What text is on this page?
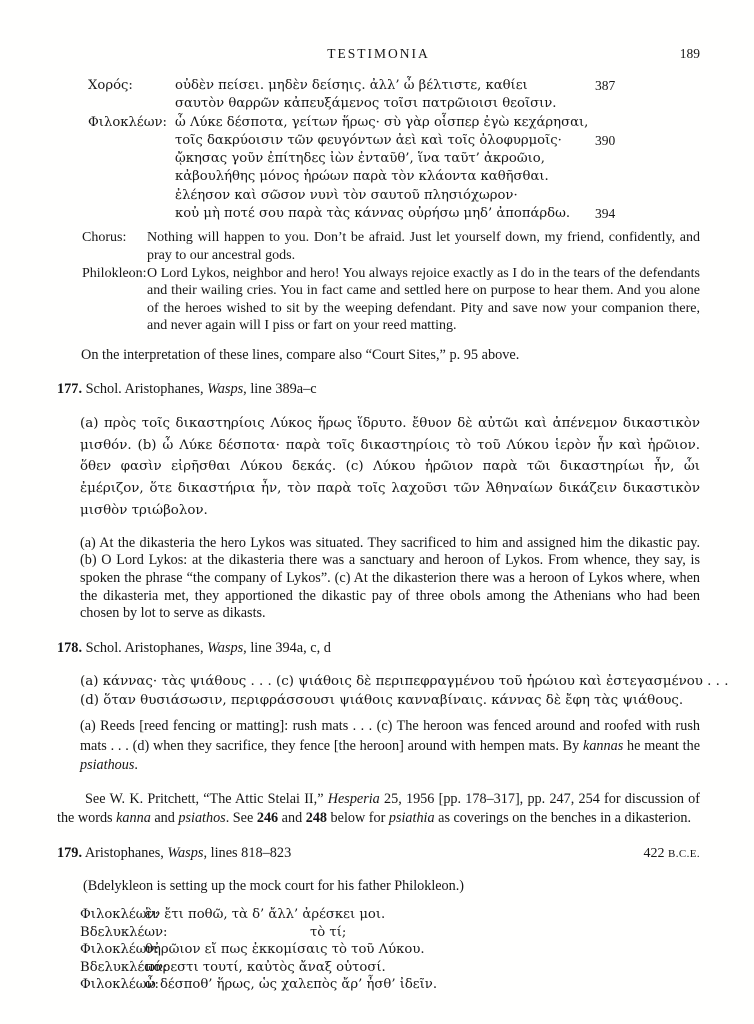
TESTIMONIA	189
Χορός:	οὐδὲν πείσει. μηδὲν δείσηις. ἀλλ’ ὦ βέλτιστε, καθίει	387
σαυτὸν θαρρῶν κἀπευξάμενος τοῖσι πατρῶιοισι θεοῖσιν.
Φιλοκλέων: ὦ Λύκε δέσποτα, γείτων ἥρως· σὺ γὰρ οἷσπερ ἐγὼ κεχάρησαι,
τοῖς δακρύοισιν τῶν φευγόντων ἀεὶ καὶ τοῖς ὀλοφυρμοῖς·	390
ᾤκησας γοῦν ἐπίτηδες ἰὼν ἐνταῦθ’, ἵνα ταῦτ’ ἀκροῶιο,
κἀβουλήθης μόνος ἡρώων παρὰ τὸν κλάοντα καθῆσθαι.
ἐλέησον καὶ σῶσον νυνὶ τὸν σαυτοῦ πλησιόχωρον·
κοὐ μὴ ποτέ σου παρὰ τὰς κάννας οὐρήσω μηδ’ ἀποπάρδω.	394
Chorus:	Nothing will happen to you. Don’t be afraid. Just let yourself down, my friend, confidently, and pray to our ancestral gods.
Philokleon: O Lord Lykos, neighbor and hero! You always rejoice exactly as I do in the tears of the defendants and their wailing cries. You in fact came and settled here on purpose to hear them. And you alone of the heroes wished to sit by the weeping defendant. Pity and save now your companion there, and never again will I piss or fart on your reed matting.

On the interpretation of these lines, compare also “Court Sites,” p. 95 above.

177. Schol. Aristophanes, Wasps, line 389a–c

(a) πρὸς τοῖς δικαστηρίοις Λύκος ἥρως ἵδρυτο. ἔθυον δὲ αὐτῶι καὶ ἀπένεμον δικαστικὸν μισθόν. (b) ὦ Λύκε δέσποτα· παρὰ τοῖς δικαστηρίοις τὸ τοῦ Λύκου ἱερὸν ἦν καὶ ἡρῶιον. ὅθεν φασὶν εἰρῆσθαι Λύκου δεκάς. (c) Λύκου ἡρῶιον παρὰ τῶι δικαστηρίωι ἦν, ὧι ἐμέριζον, ὅτε δικαστήρια ἦν, τὸν παρὰ τοῖς λαχοῦσι τῶν Ἀθηναίων δικάζειν δικαστικὸν μισθὸν τριώβολον.

(a) At the dikasteria the hero Lykos was situated. They sacrificed to him and assigned him the dikastic pay. (b) O Lord Lykos: at the dikasteria there was a sanctuary and heroon of Lykos. From whence, they say, is spoken the phrase “the company of Lykos”. (c) At the dikasterion there was a heroon of Lykos where, when the dikasteria met, they apportioned the dikastic pay of three obols among the Athenians who had been chosen by lot to serve as dikasts.

178. Schol. Aristophanes, Wasps, line 394a, c, d

(a) κάννας· τὰς ψιάθους . . . (c) ψιάθοις δὲ περιπεφραγμένου τοῦ ἡρώιου καὶ ἐστεγασμένου . . .
(d) ὅταν θυσιάσωσιν, περιφράσσουσι ψιάθοις κανναβίναις. κάννας δὲ ἔφη τὰς ψιάθους.

(a) Reeds [reed fencing or matting]: rush mats . . . (c) The heroon was fenced around and roofed with rush mats . . . (d) when they sacrifice, they fence [the heroon] around with hempen mats. By kannas he meant the psiathous.

See W. K. Pritchett, “The Attic Stelai II,” Hesperia 25, 1956 [pp. 178–317], pp. 247, 254 for discussion of the words kanna and psiathos. See 246 and 248 below for psiathia as coverings on the benches in a dikasterion.

179. Aristophanes, Wasps, lines 818–823	422 B.C.E.

(Bdelykleon is setting up the mock court for his father Philokleon.)

Φιλοκλέων:
ἓν ἔτι ποθῶ, τὰ δ’ ἄλλ’ ἀρέσκει μοι.
Βδελυκλέων:	τὸ τί;
Φιλοκλέων:
θἠρῶιον εἴ πως ἐκκομίσαις τὸ τοῦ Λύκου.
Βδελυκλέων:
πάρεστι τουτί, καὐτὸς ἄναξ οὑτοσί.
Φιλοκλέων:
ὦ δέσποθ’ ἥρως, ὡς χαλεπὸς ἄρ’ ἦσθ’ ἰδεῖν.
